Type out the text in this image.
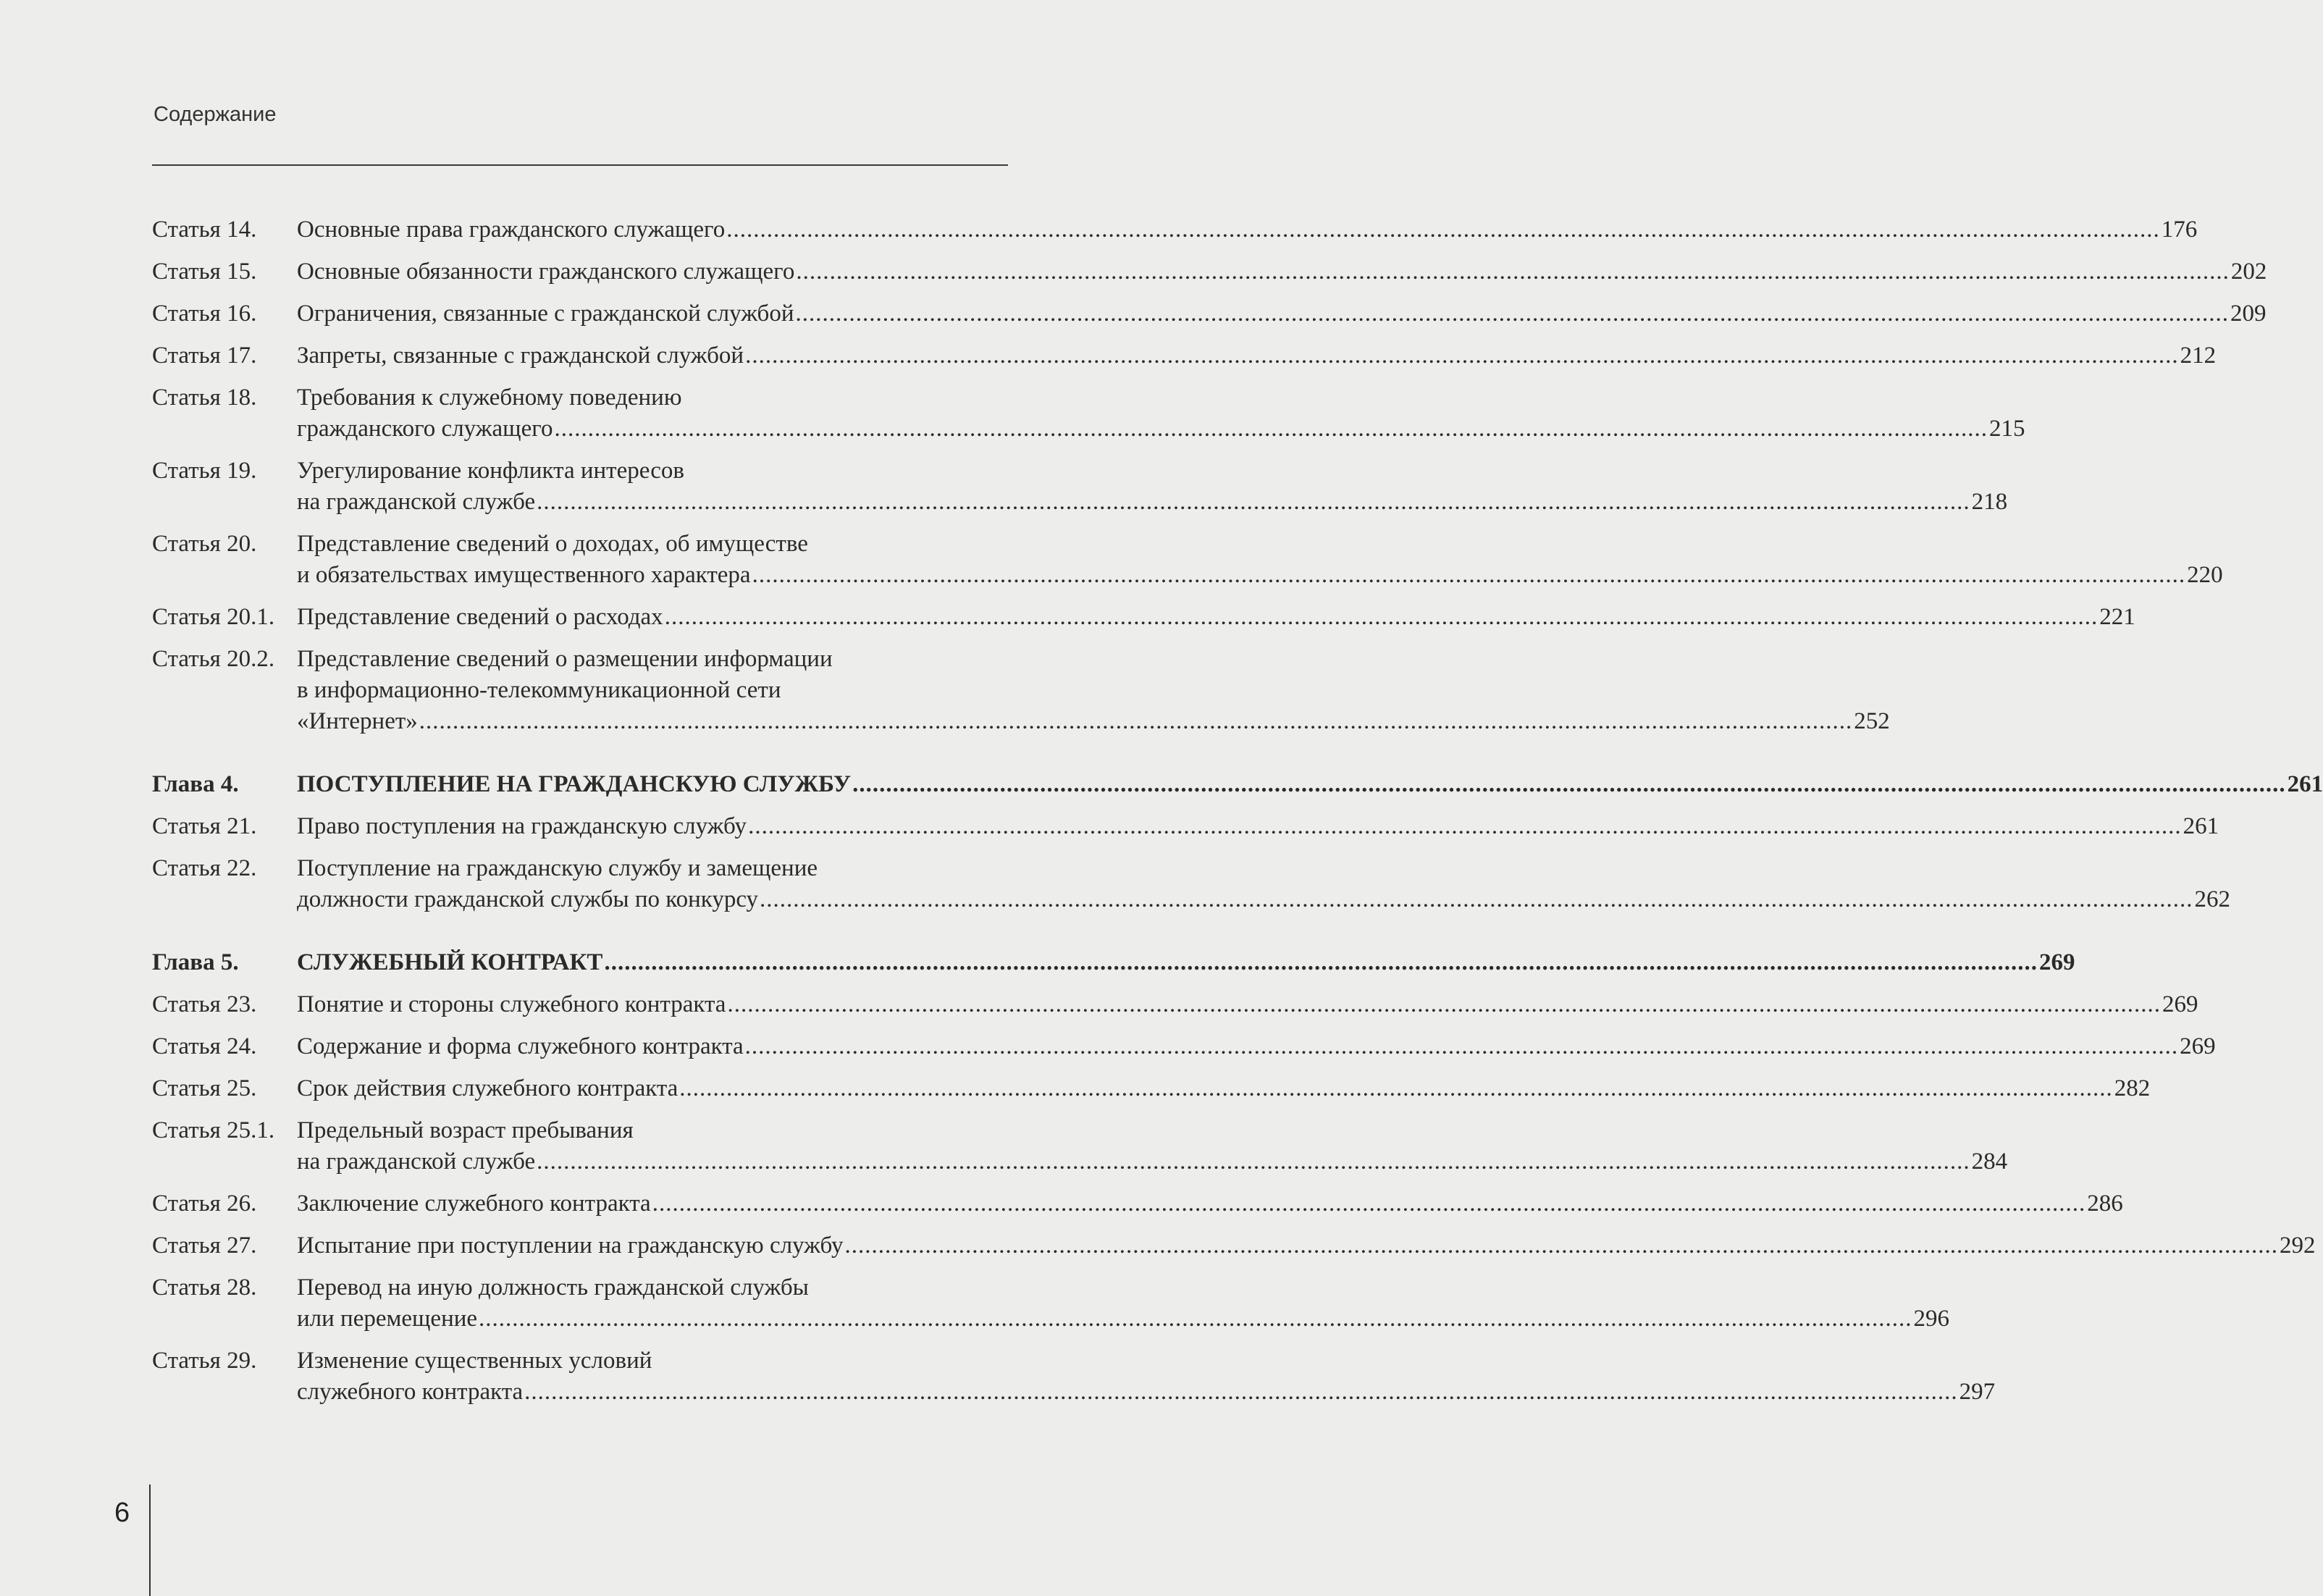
Содержание
Статья 14.	Основные права гражданского служащего .....	176
Статья 15.	Основные обязанности гражданского служащего .....	202
Статья 16.	Ограничения, связанные с гражданской службой .....	209
Статья 17.	Запреты, связанные с гражданской службой .....	212
Статья 18.	Требования к служебному поведению
гражданского служащего .....	215
Статья 19.	Урегулирование конфликта интересов
на гражданской службе .....	218
Статья 20.	Представление сведений о доходах, об имуществе
и обязательствах имущественного характера .....	220
Статья 20.1. Представление сведений о расходах .....	221
Статья 20.2. Представление сведений о размещении информации
в информационно-телекоммуникационной сети
«Интернет» .....	252
Глава 4.	ПОСТУПЛЕНИЕ НА ГРАЖДАНСКУЮ СЛУЖБУ .....	261
Статья 21.	Право поступления на гражданскую службу .....	261
Статья 22.	Поступление на гражданскую службу и замещение
должности гражданской службы по конкурсу .....	262
Глава 5.	СЛУЖЕБНЫЙ КОНТРАКТ .....	269
Статья 23.	Понятие и стороны служебного контракта .....	269
Статья 24.	Содержание и форма служебного контракта .....	269
Статья 25.	Срок действия служебного контракта .....	282
Статья 25.1. Предельный возраст пребывания
на гражданской службе .....	284
Статья 26.	Заключение служебного контракта .....	286
Статья 27.	Испытание при поступлении на гражданскую службу .....	292
Статья 28.	Перевод на иную должность гражданской службы
или перемещение .....	296
Статья 29.	Изменение существенных условий
служебного контракта .....	297
6
